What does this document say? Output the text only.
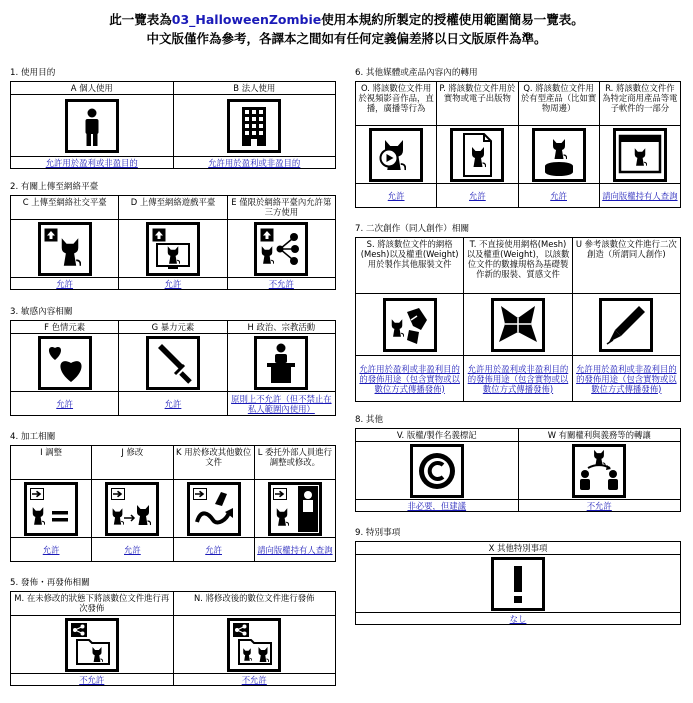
此一覽表為03_HalloweenZombie使用本規約所製定的授權使用範圍簡易一覽表。
中文版僅作為參考，各譯本之間如有任何定義偏差將以日文版原件為準。
1. 使用目的
A 個人使用	B 法人使用

允許用於盈利或非盈目的	允許用於盈利或非盈目的
2. 有關上傳至網絡平臺
C 上傳至網絡社交平臺	D 上傳至網絡遊戲平臺	E 僅限於網絡平臺內允許第三方使用

允許	允許	不允許
3. 敏感內容相關
F 色情元素	G 暴力元素	H 政治、宗教活動

允許	允許	原則上不允許（但不禁止在私人範圍內使用）
4. 加工相關
I 調整	J 修改	K 用於修改其他數位文件	L 委托外部人員進行調整或修改。

允許	允許	允許	請向版權持有人查詢
5. 發佈・再發佈相關
M. 在未修改的狀態下將該數位文件進行再次發佈	N. 將修改後的數位文件進行發佈

不允許	不允許
6. 其他媒體或產品內容內的轉用
O. 將該數位文件用於視頻影音作品，直播，廣播等行為	P. 將該數位文件用於實物或電子出版物	Q. 將該數位文件用於有型產品（比如實物周邊）	R. 將該數位文件作為特定商用產品等電子軟件的一部分

允許	允許	允許	請向版權持有人查詢
7. 二次創作（同人創作）相關
S. 將該數位文件的網格(Mesh)以及權重(Weight)用於製作其他服裝文件	T. 不直接使用網格(Mesh)以及權重(Weight)，以該數位文件的數據規格為基礎製作新的服裝、質感文件	U 參考該數位文件進行二次創造（所謂同人創作)

允許用於盈利或非盈利目的的發佈用途（包含實物或以數位方式傳播發佈)	允許用於盈利或非盈利目的的發佈用途（包含實物或以數位方式傳播發佈)	允許用於盈利或非盈利目的的發佈用途（包含實物或以數位方式傳播發佈)
8. 其他
V. 版權/製作名義標記	W 有關權利與義務等的轉讓

非必要，但建議	不允許
9. 特別事項
X 其他特別事項

なし
